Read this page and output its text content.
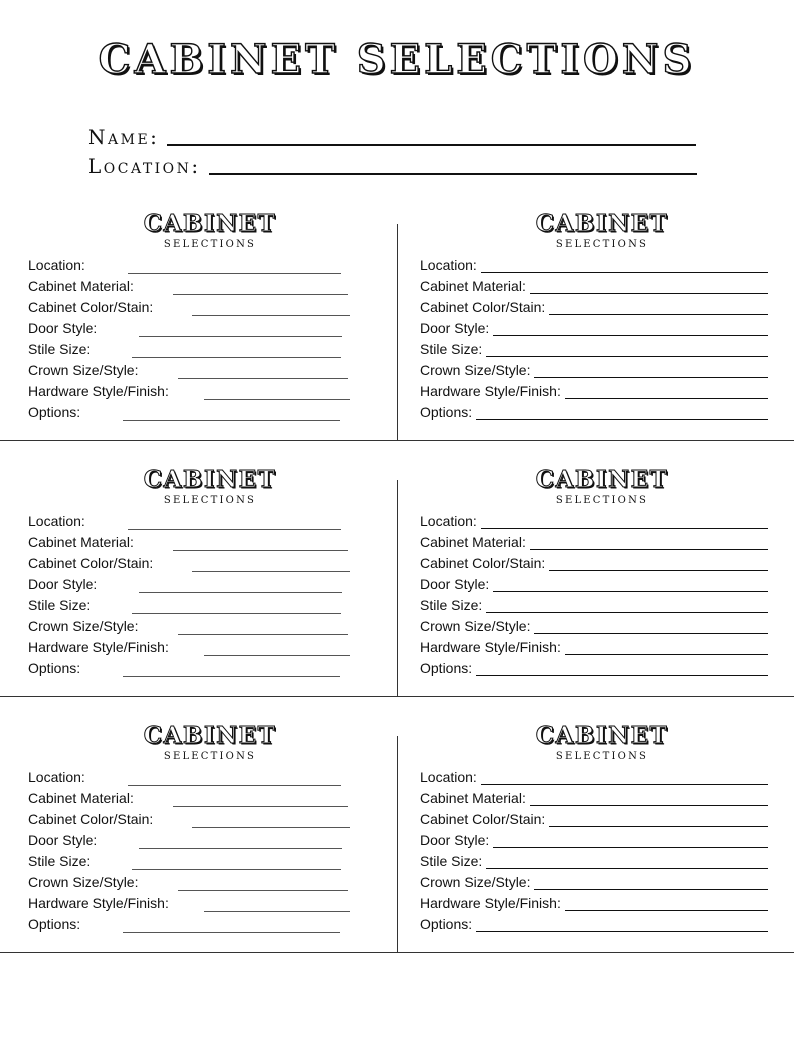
CABINET SELECTIONS
Name:
Location:
CABINET
SELECTIONS
Location:
Cabinet Material:
Cabinet Color/Stain:
Door Style:
Stile Size:
Crown Size/Style:
Hardware Style/Finish:
Options:
CABINET
SELECTIONS
Location:
Cabinet Material:
Cabinet Color/Stain:
Door Style:
Stile Size:
Crown Size/Style:
Hardware Style/Finish:
Options:
CABINET
SELECTIONS
Location:
Cabinet Material:
Cabinet Color/Stain:
Door Style:
Stile Size:
Crown Size/Style:
Hardware Style/Finish:
Options:
CABINET
SELECTIONS
Location:
Cabinet Material:
Cabinet Color/Stain:
Door Style:
Stile Size:
Crown Size/Style:
Hardware Style/Finish:
Options:
CABINET
SELECTIONS
Location:
Cabinet Material:
Cabinet Color/Stain:
Door Style:
Stile Size:
Crown Size/Style:
Hardware Style/Finish:
Options:
CABINET
SELECTIONS
Location:
Cabinet Material:
Cabinet Color/Stain:
Door Style:
Stile Size:
Crown Size/Style:
Hardware Style/Finish:
Options:
